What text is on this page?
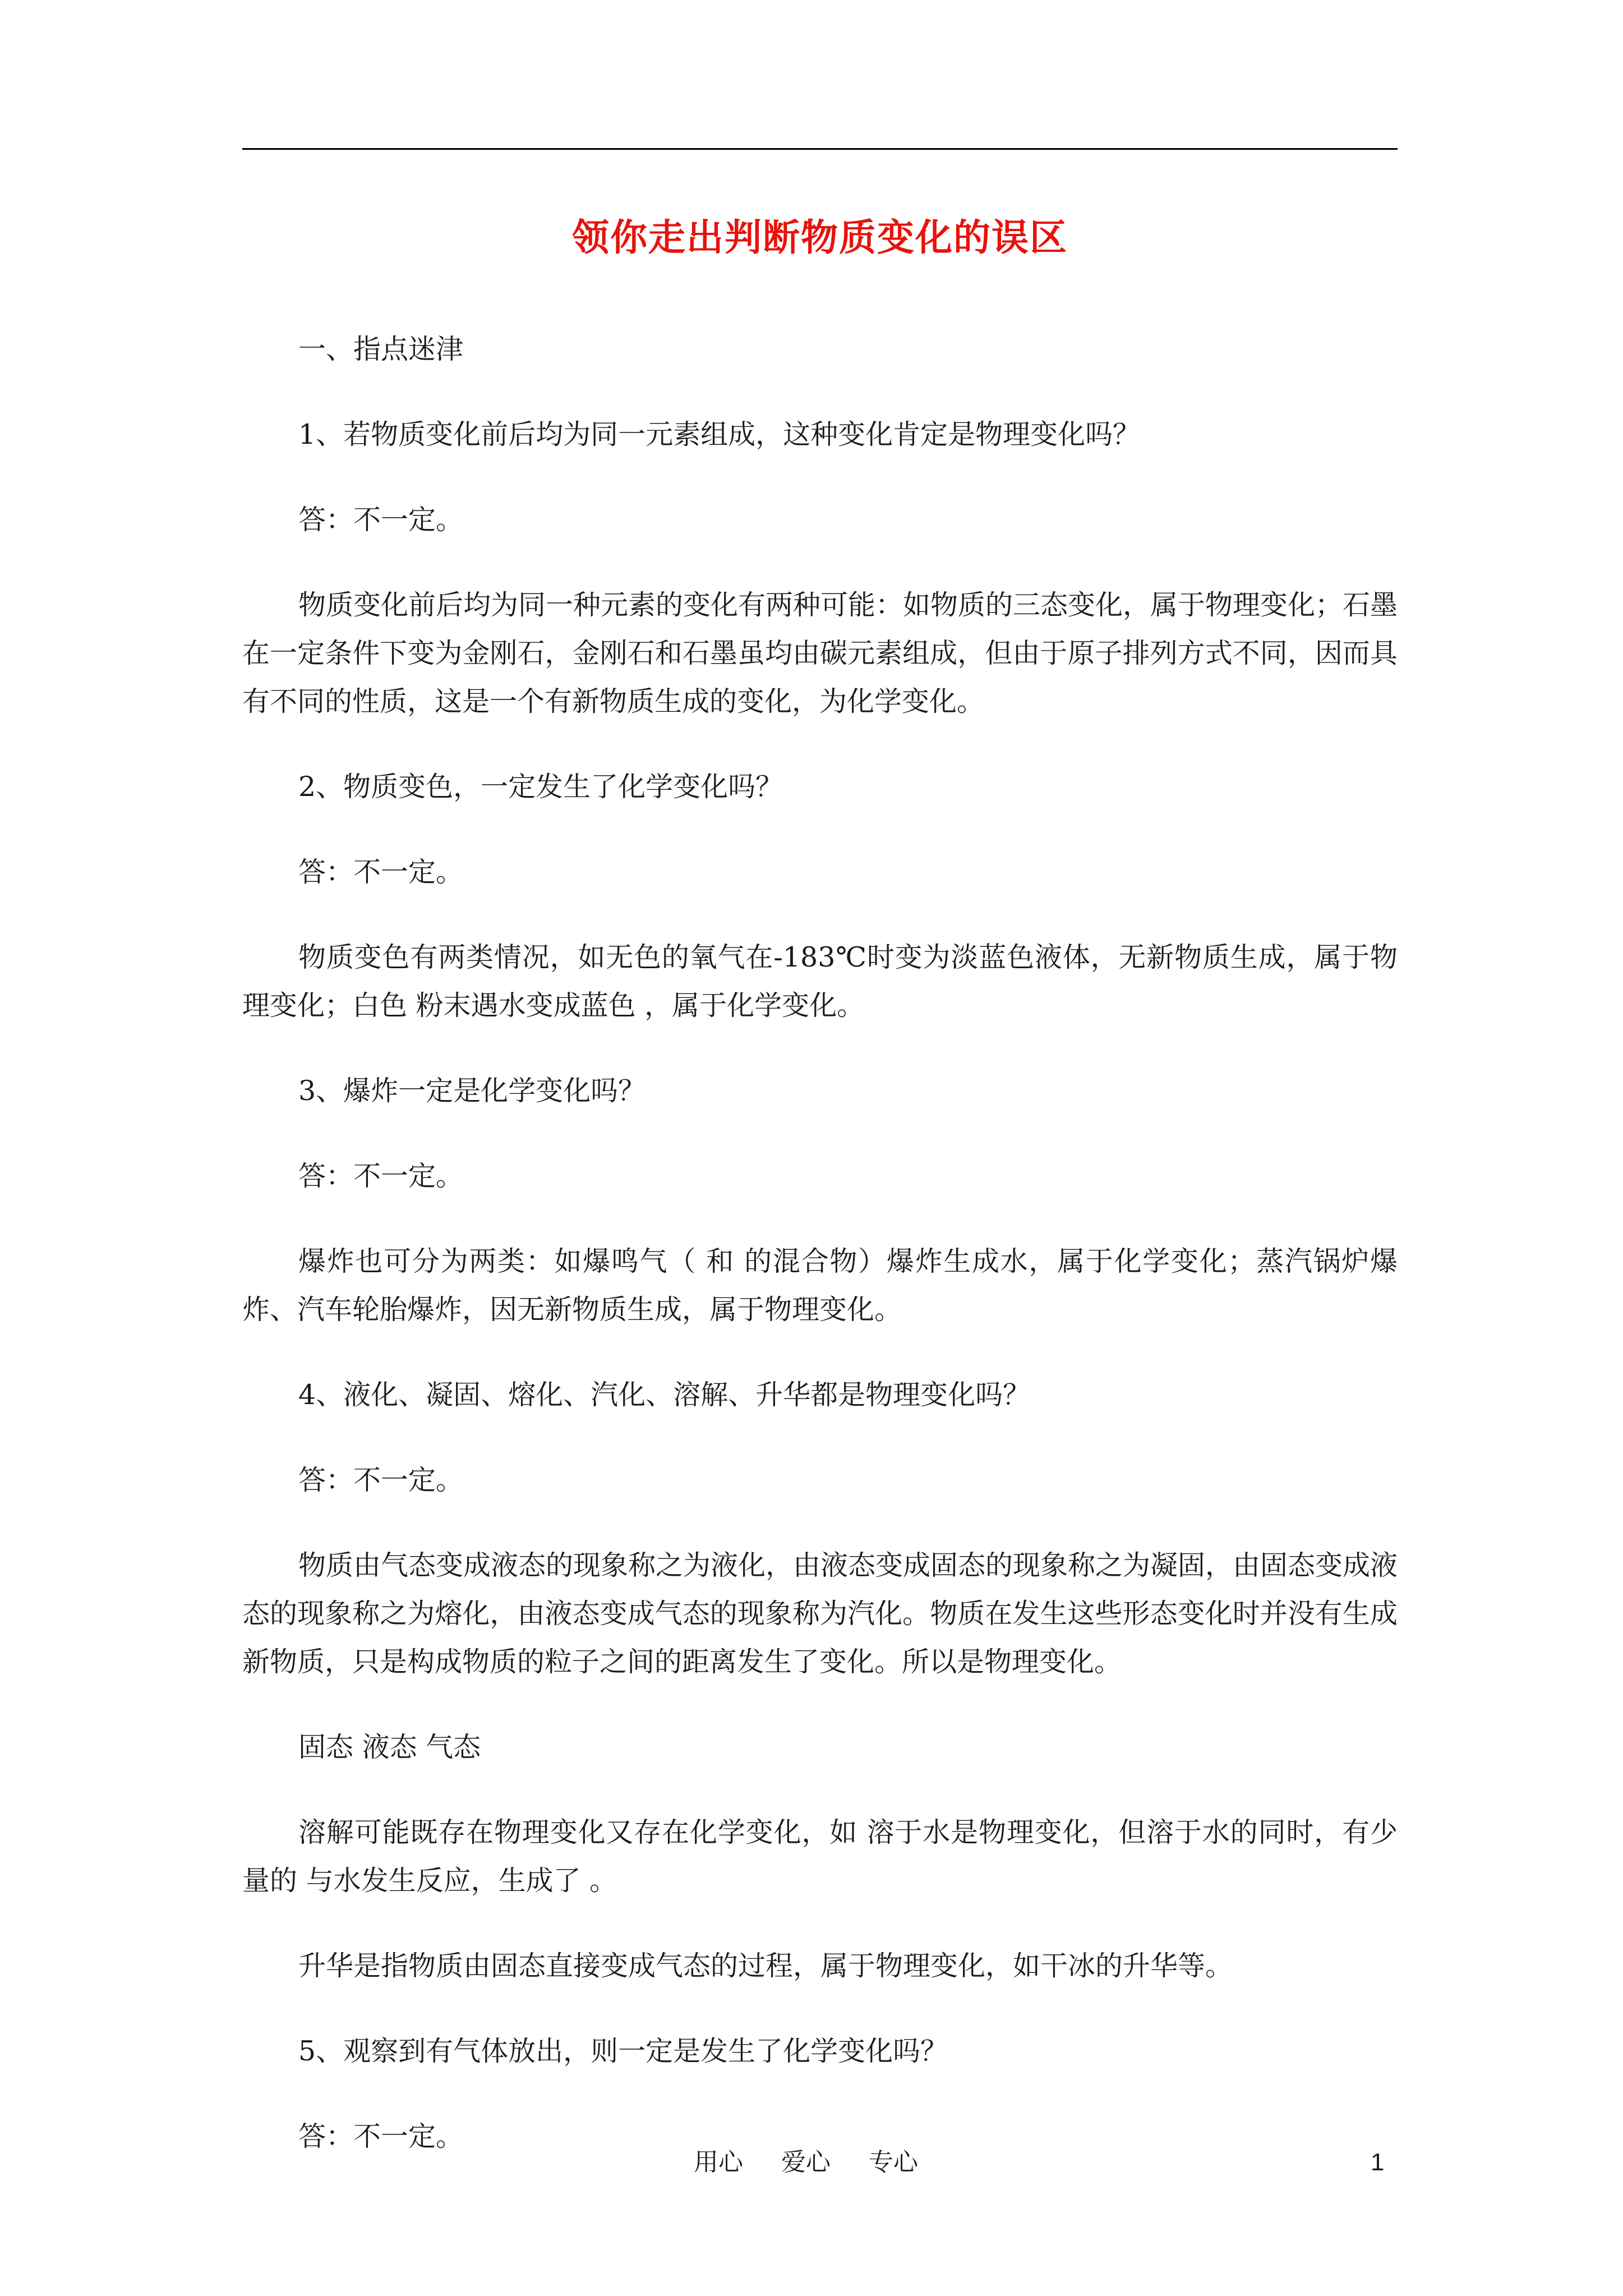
领你走出判断物质变化的误区

一、指点迷津

1、若物质变化前后均为同一元素组成，这种变化肯定是物理变化吗？

答：不一定。

物质变化前后均为同一种元素的变化有两种可能：如物质的三态变化，属于物理变化；石墨在一定条件下变为金刚石，金刚石和石墨虽均由碳元素组成，但由于原子排列方式不同，因而具有不同的性质，这是一个有新物质生成的变化，为化学变化。

2、物质变色，一定发生了化学变化吗？

答：不一定。

物质变色有两类情况，如无色的氧气在-183℃时变为淡蓝色液体，无新物质生成，属于物理变化；白色 粉末遇水变成蓝色 ，属于化学变化。

3、爆炸一定是化学变化吗？

答：不一定。

爆炸也可分为两类：如爆鸣气（ 和 的混合物）爆炸生成水，属于化学变化；蒸汽锅炉爆炸、汽车轮胎爆炸，因无新物质生成，属于物理变化。

4、液化、凝固、熔化、汽化、溶解、升华都是物理变化吗？

答：不一定。

物质由气态变成液态的现象称之为液化，由液态变成固态的现象称之为凝固，由固态变成液态的现象称之为熔化，由液态变成气态的现象称为汽化。物质在发生这些形态变化时并没有生成新物质，只是构成物质的粒子之间的距离发生了变化。所以是物理变化。

固态 液态 气态

溶解可能既存在物理变化又存在化学变化，如 溶于水是物理变化，但溶于水的同时，有少量的 与水发生反应，生成了 。

升华是指物质由固态直接变成气态的过程，属于物理变化，如干冰的升华等。

5、观察到有气体放出，则一定是发生了化学变化吗？

答：不一定。

用心  爱心  专心	1
